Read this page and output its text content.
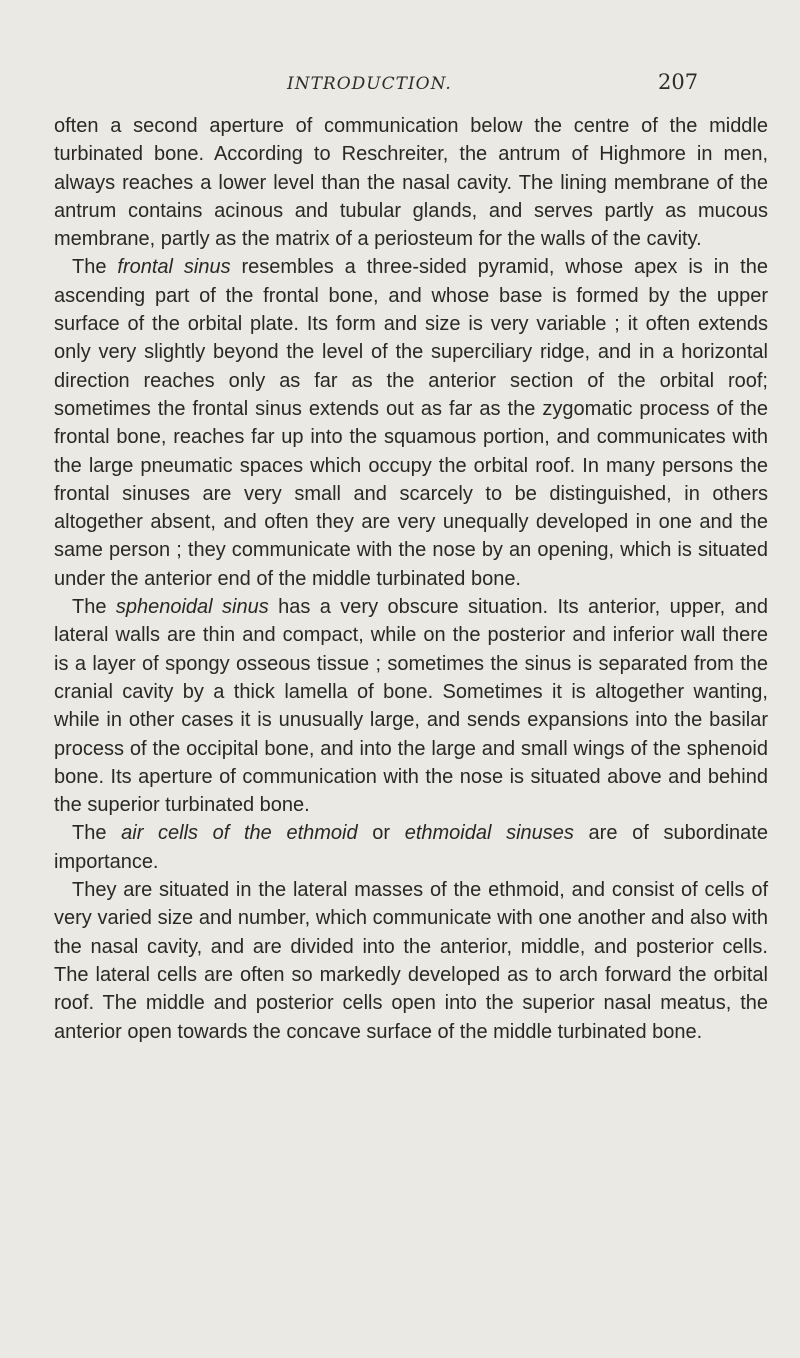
INTRODUCTION.	207

often a second aperture of communication below the centre of the middle turbinated bone. According to Reschreiter, the antrum of Highmore in men, always reaches a lower level than the nasal cavity. The lining membrane of the antrum contains acinous and tubular glands, and serves partly as mucous membrane, partly as the matrix of a periosteum for the walls of the cavity.

The frontal sinus resembles a three-sided pyramid, whose apex is in the ascending part of the frontal bone, and whose base is formed by the upper surface of the orbital plate. Its form and size is very variable ; it often extends only very slightly beyond the level of the superciliary ridge, and in a horizontal direction reaches only as far as the anterior section of the orbital roof; sometimes the frontal sinus extends out as far as the zygomatic process of the frontal bone, reaches far up into the squamous portion, and communicates with the large pneumatic spaces which occupy the orbital roof. In many persons the frontal sinuses are very small and scarcely to be distinguished, in others altogether absent, and often they are very unequally developed in one and the same person ; they communicate with the nose by an opening, which is situated under the anterior end of the middle turbinated bone.

The sphenoidal sinus has a very obscure situation. Its anterior, upper, and lateral walls are thin and compact, while on the posterior and inferior wall there is a layer of spongy osseous tissue ; sometimes the sinus is separated from the cranial cavity by a thick lamella of bone. Sometimes it is altogether wanting, while in other cases it is unusually large, and sends expansions into the basilar process of the occipital bone, and into the large and small wings of the sphenoid bone. Its aperture of communication with the nose is situated above and behind the superior turbinated bone.

The air cells of the ethmoid or ethmoidal sinuses are of subordinate importance.

They are situated in the lateral masses of the ethmoid, and consist of cells of very varied size and number, which communicate with one another and also with the nasal cavity, and are divided into the anterior, middle, and posterior cells. The lateral cells are often so markedly developed as to arch forward the orbital roof. The middle and posterior cells open into the superior nasal meatus, the anterior open towards the concave surface of the middle turbinated bone.
